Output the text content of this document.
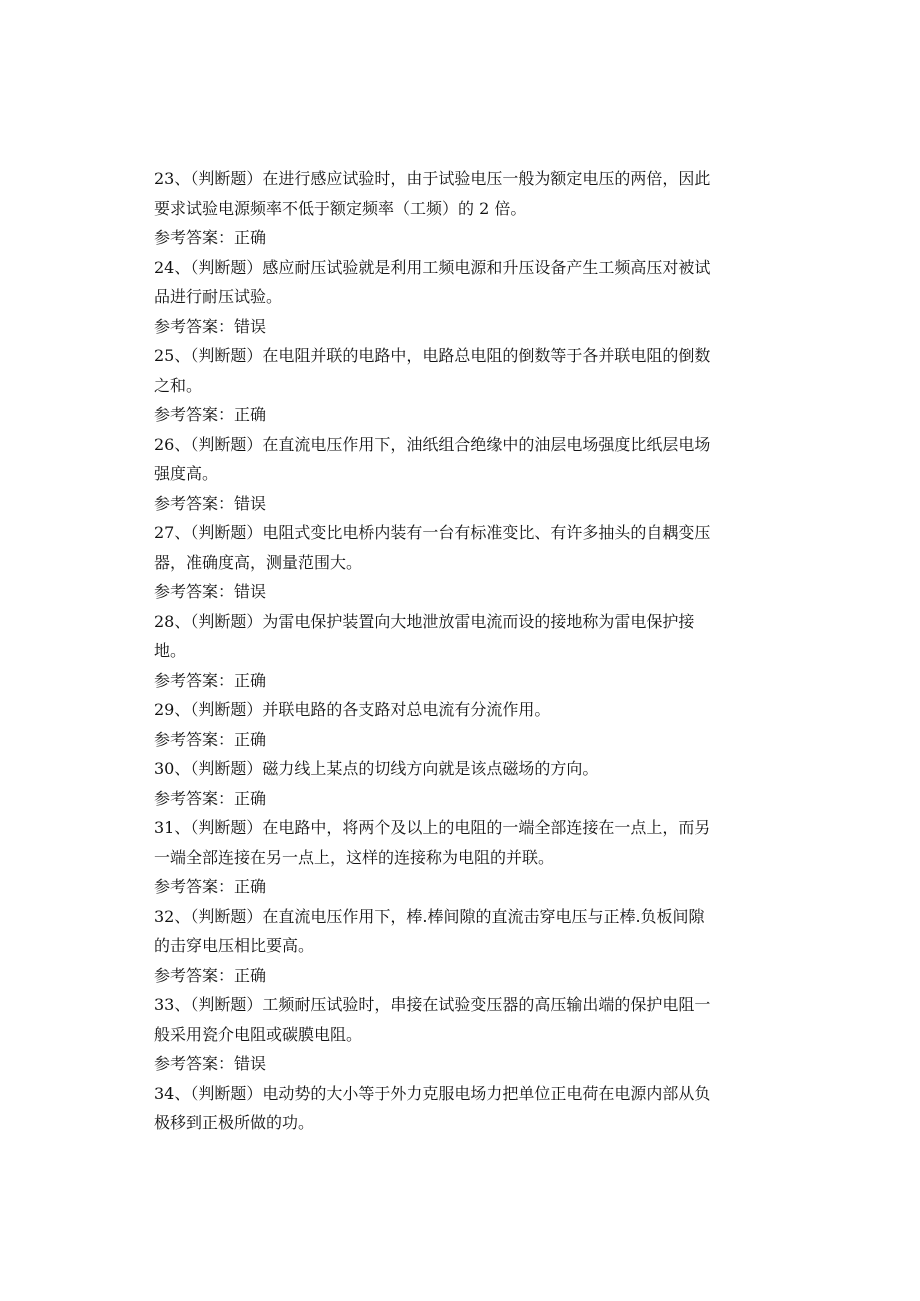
23、（判断题）在进行感应试验时，由于试验电压一般为额定电压的两倍，因此
要求试验电源频率不低于额定频率（工频）的 2 倍。
参考答案：正确
24、（判断题）感应耐压试验就是利用工频电源和升压设备产生工频高压对被试
品进行耐压试验。
参考答案：错误
25、（判断题）在电阻并联的电路中，电路总电阻的倒数等于各并联电阻的倒数
之和。
参考答案：正确
26、（判断题）在直流电压作用下，油纸组合绝缘中的油层电场强度比纸层电场
强度高。
参考答案：错误
27、（判断题）电阻式变比电桥内装有一台有标准变比、有许多抽头的自耦变压
器，准确度高，测量范围大。
参考答案：错误
28、（判断题）为雷电保护装置向大地泄放雷电流而设的接地称为雷电保护接
地。
参考答案：正确
29、（判断题）并联电路的各支路对总电流有分流作用。
参考答案：正确
30、（判断题）磁力线上某点的切线方向就是该点磁场的方向。
参考答案：正确
31、（判断题）在电路中，将两个及以上的电阻的一端全部连接在一点上，而另
一端全部连接在另一点上，这样的连接称为电阻的并联。
参考答案：正确
32、（判断题）在直流电压作用下，棒.棒间隙的直流击穿电压与正棒.负板间隙
的击穿电压相比要高。
参考答案：正确
33、（判断题）工频耐压试验时，串接在试验变压器的高压输出端的保护电阻一
般采用瓷介电阻或碳膜电阻。
参考答案：错误
34、（判断题）电动势的大小等于外力克服电场力把单位正电荷在电源内部从负
极移到正极所做的功。
